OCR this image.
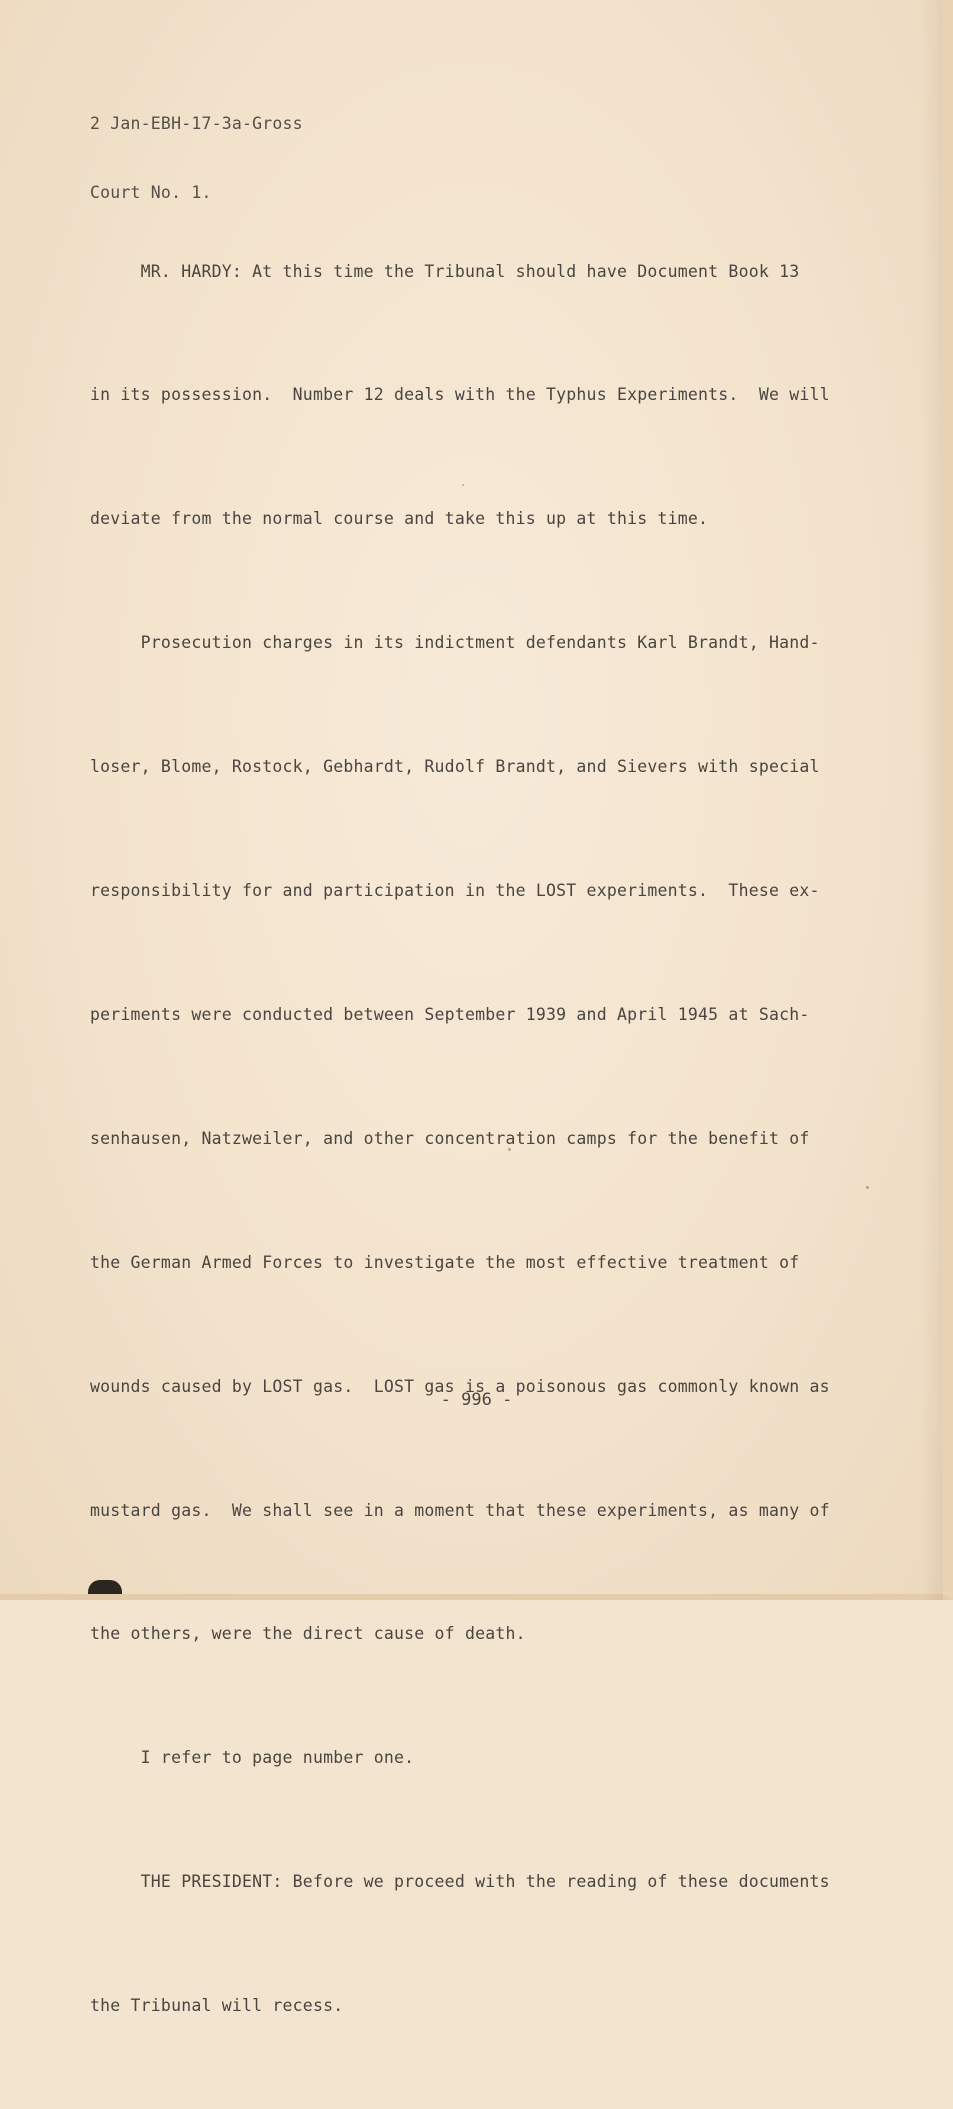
2 Jan-EBH-17-3a-Gross

Court No. 1.

MR. HARDY: At this time the Tribunal should have Document Book 13

in its possession.  Number 12 deals with the Typhus Experiments.  We will

deviate from the normal course and take this up at this time.

Prosecution charges in its indictment defendants Karl Brandt, Hand-

loser, Blome, Rostock, Gebhardt, Rudolf Brandt, and Sievers with special

responsibility for and participation in the LOST experiments.  These ex-

periments were conducted between September 1939 and April 1945 at Sach-

senhausen, Natzweiler, and other concentration camps for the benefit of

the German Armed Forces to investigate the most effective treatment of

wounds caused by LOST gas.  LOST gas is a poisonous gas commonly known as

mustard gas.  We shall see in a moment that these experiments, as many of

the others, were the direct cause of death.

I refer to page number one.

THE PRESIDENT: Before we proceed with the reading of these documents

the Tribunal will recess.

- 996 -
